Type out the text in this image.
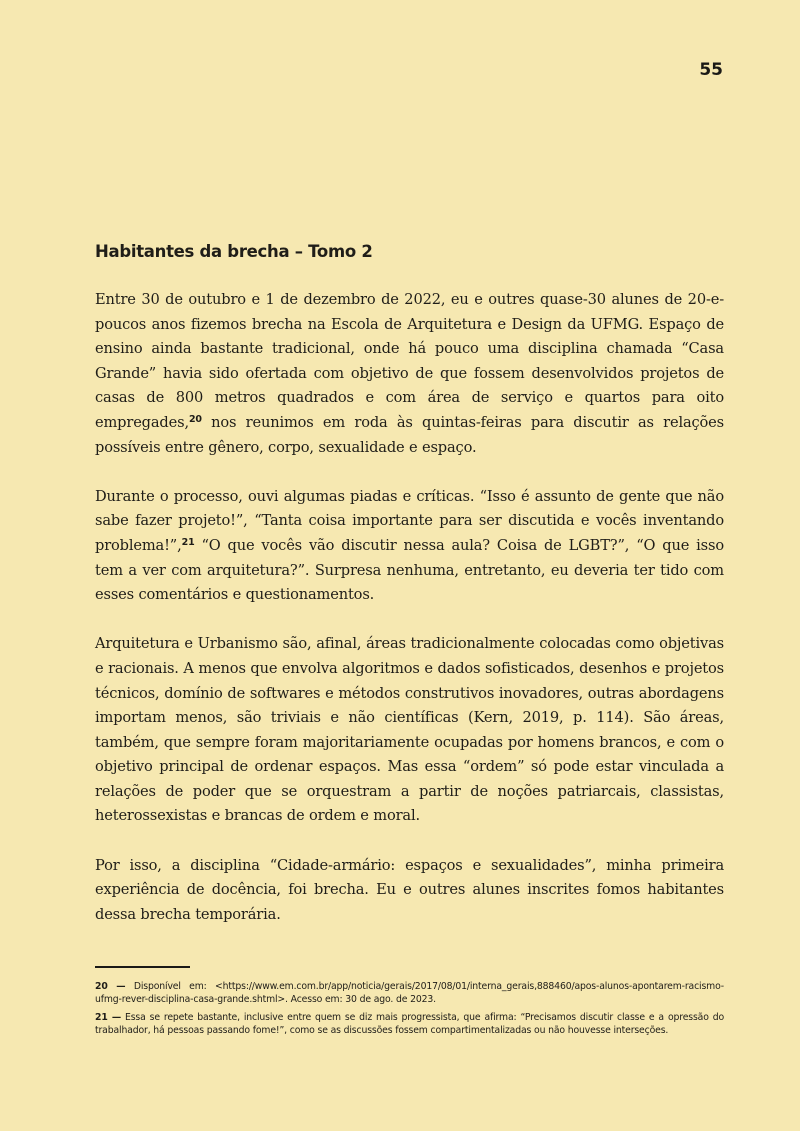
55
Habitantes da brecha – Tomo 2

Entre 30 de outubro e 1 de dezembro de 2022, eu e outres quase-30 alunes de 20-e-poucos anos fizemos brecha na Escola de Arquitetura e Design da UFMG. Espaço de ensino ainda bastante tradicional, onde há pouco uma disciplina chamada “Casa Grande” havia sido ofertada com objetivo de que fossem desenvolvidos projetos de casas de 800 metros quadrados e com área de serviço e quartos para oito empregades,$^{20}$ nos reunimos em roda às quintas-feiras para discutir as relações possíveis entre gênero, corpo, sexualidade e espaço.

Durante o processo, ouvi algumas piadas e críticas. “Isso é assunto de gente que não sabe fazer projeto!”, “Tanta coisa importante para ser discutida e vocês inventando problema!”,$^{21}$ “O que vocês vão discutir nessa aula? Coisa de LGBT?”, “O que isso tem a ver com arquitetura?”. Surpresa nenhuma, entretanto, eu deveria ter tido com esses comentários e questionamentos.

Arquitetura e Urbanismo são, afinal, áreas tradicionalmente colocadas como objetivas e racionais. A menos que envolva algoritmos e dados sofisticados, desenhos e projetos técnicos, domínio de softwares e métodos construtivos inovadores, outras abordagens importam menos, são triviais e não científicas (Kern, 2019, p. 114). São áreas, também, que sempre foram majoritariamente ocupadas por homens brancos, e com o objetivo principal de ordenar espaços. Mas essa “ordem” só pode estar vinculada a relações de poder que se orquestram a partir de noções patriarcais, classistas, heterossexistas e brancas de ordem e moral.

Por isso, a disciplina “Cidade-armário: espaços e sexualidades”, minha primeira experiência de docência, foi brecha. Eu e outres alunes inscrites fomos habitantes dessa brecha temporária.

20 — Disponível em: <https://www.em.com.br/app/noticia/gerais/2017/08/01/interna_gerais,888460/apos-alunos-apontarem-racismo-ufmg-rever-disciplina-casa-grande.shtml>. Acesso em: 30 de ago. de 2023.

21 — Essa se repete bastante, inclusive entre quem se diz mais progressista, que afirma: “Precisamos discutir classe e a opressão do trabalhador, há pessoas passando fome!”, como se as discussões fossem compartimentalizadas ou não houvesse interseções.
